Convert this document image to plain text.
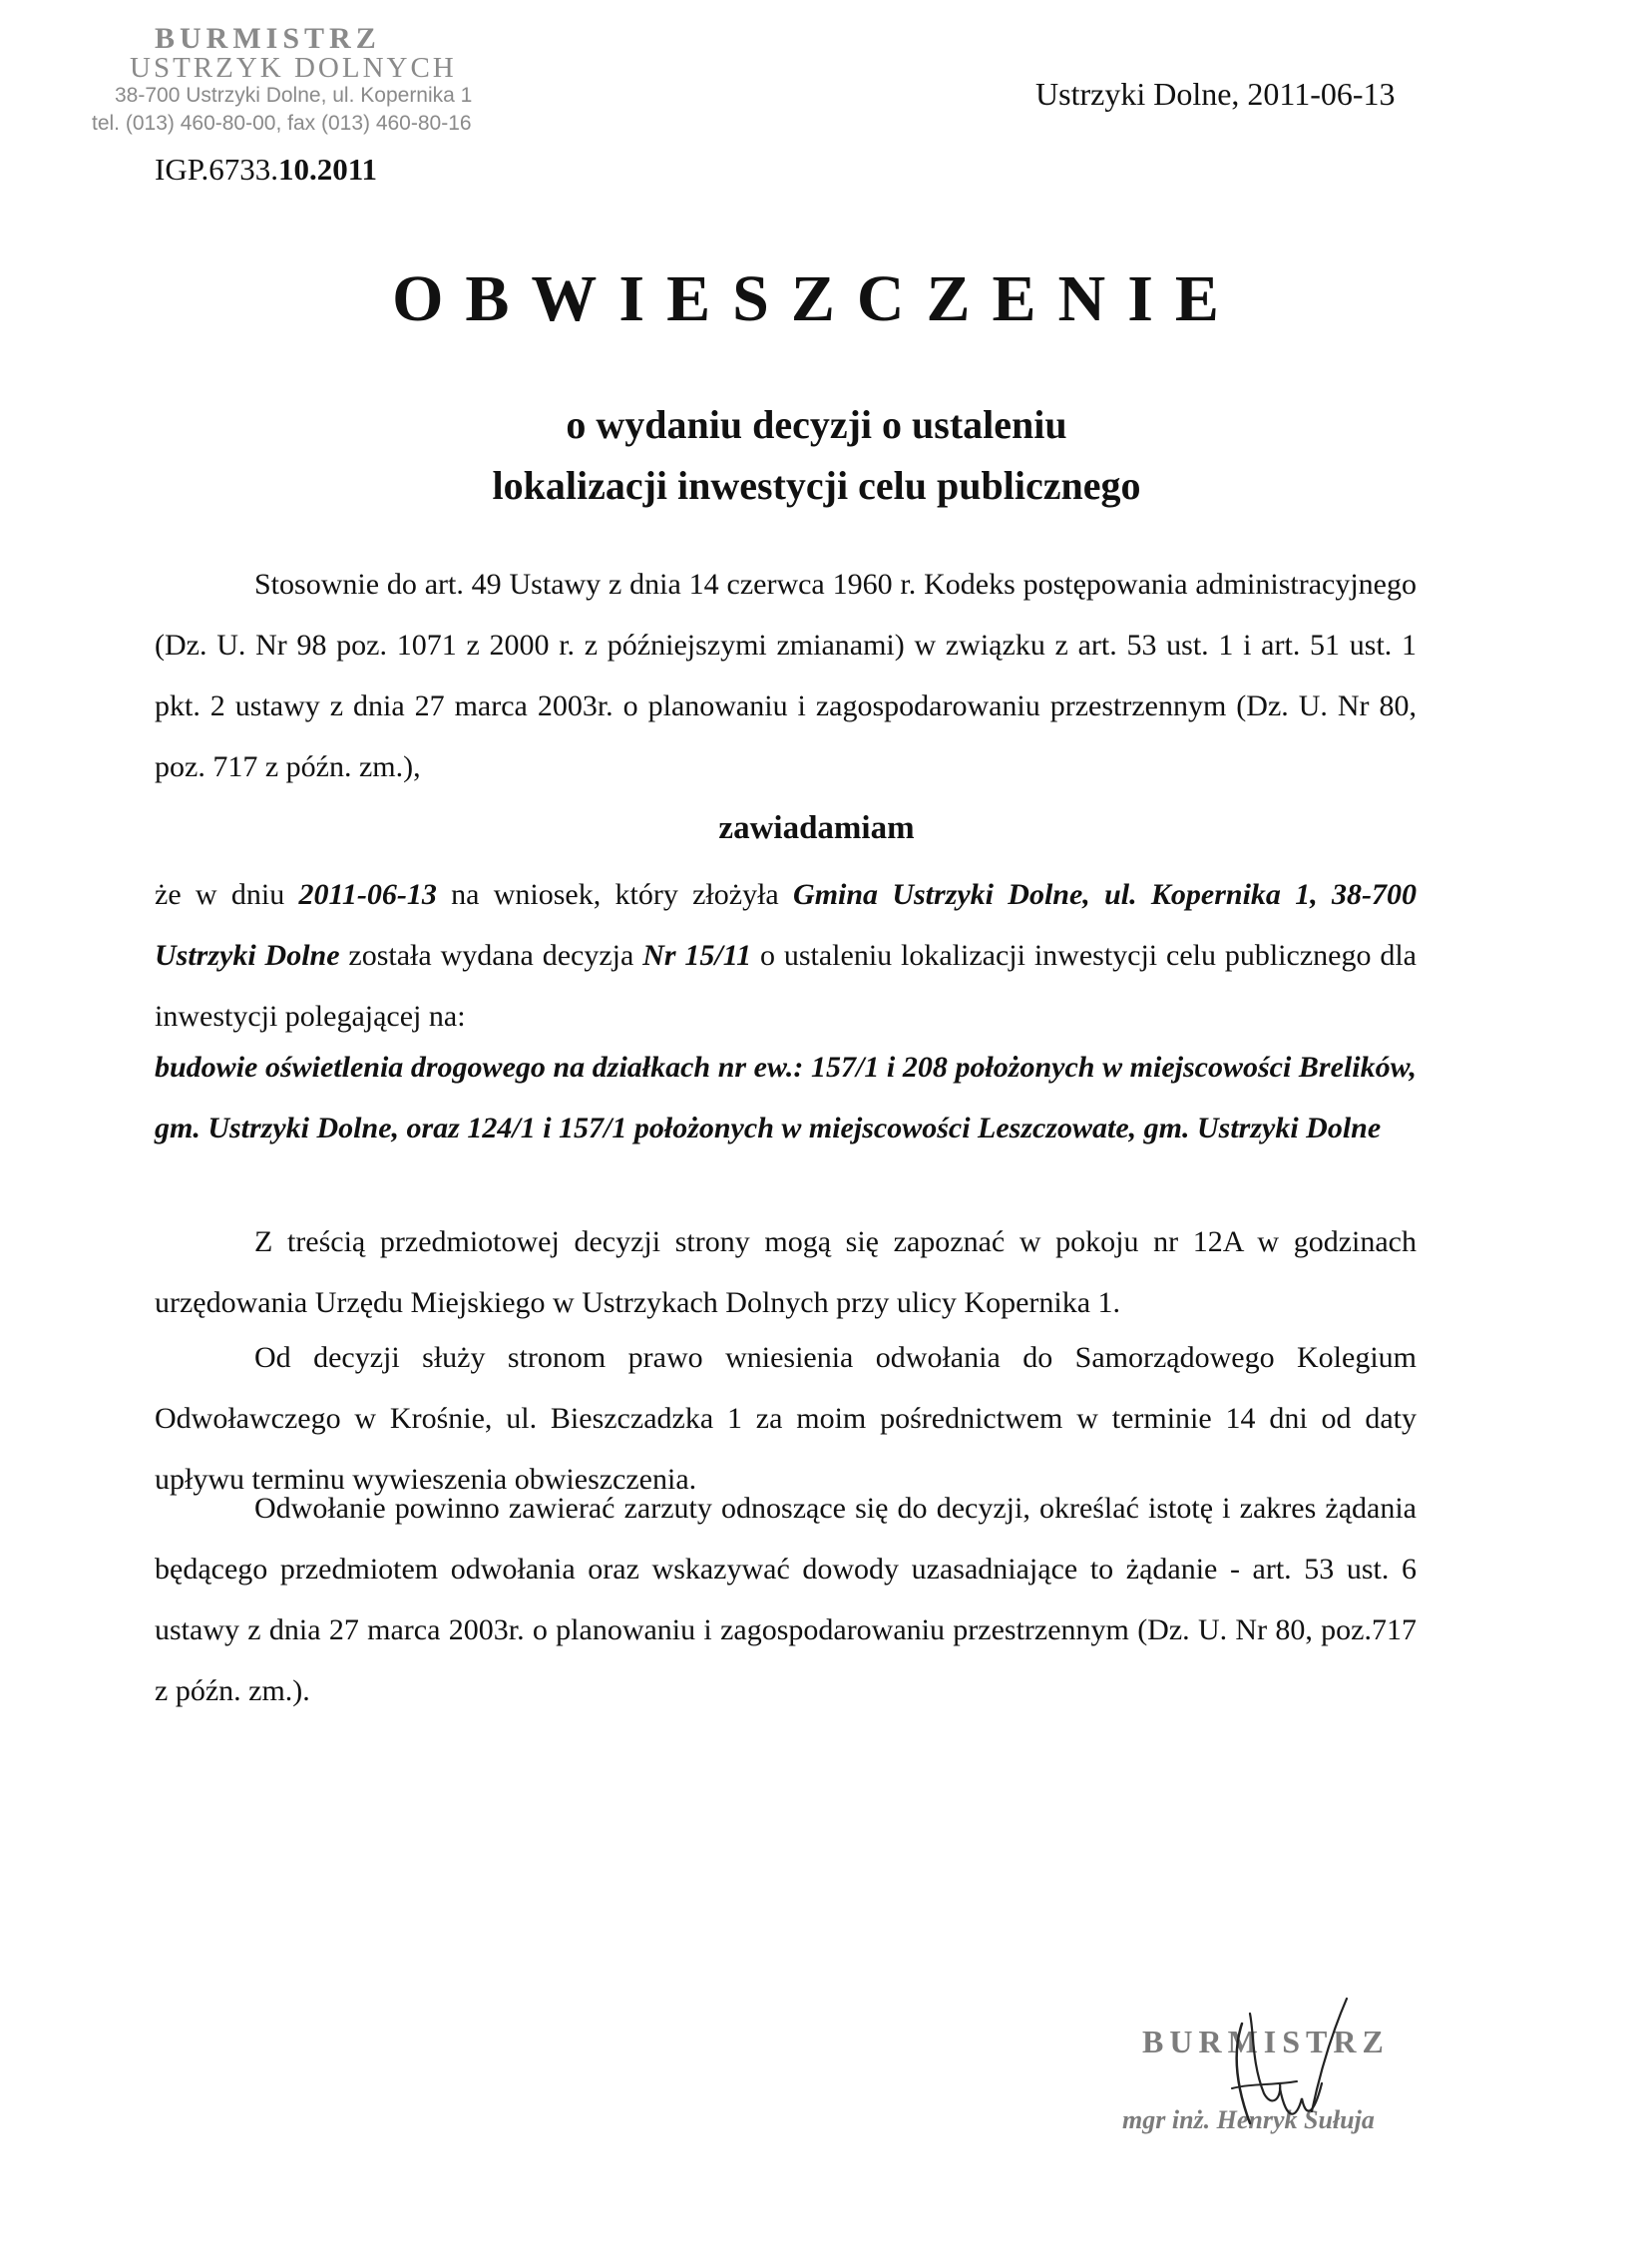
BURMISTRZ
USTRZYK DOLNYCH
38-700 Ustrzyki Dolne, ul. Kopernika 1
tel. (013) 460-80-00, fax (013) 460-80-16
Ustrzyki Dolne, 2011-06-13
IGP.6733.10.2011
OBWIESZCZENIE
o wydaniu decyzji o ustaleniu
lokalizacji inwestycji celu publicznego

Stosownie do art. 49 Ustawy z dnia 14 czerwca 1960 r. Kodeks postępowania administracyjnego (Dz. U. Nr 98 poz. 1071 z 2000 r. z późniejszymi zmianami) w związku z art. 53 ust. 1 i art. 51 ust. 1 pkt. 2 ustawy z dnia 27 marca 2003r. o planowaniu i zagospodarowaniu przestrzennym (Dz. U. Nr 80, poz. 717 z późn. zm.),

zawiadamiam

że w dniu 2011-06-13 na wniosek, który złożyła Gmina Ustrzyki Dolne, ul. Kopernika 1, 38-700 Ustrzyki Dolne została wydana decyzja Nr 15/11 o ustaleniu lokalizacji inwestycji celu publicznego dla inwestycji polegającej na:

budowie oświetlenia drogowego na działkach nr ew.: 157/1 i 208 położonych w miejscowości Brelików, gm. Ustrzyki Dolne, oraz 124/1 i 157/1 położonych w miejscowości Leszczowate, gm. Ustrzyki Dolne

Z treścią przedmiotowej decyzji strony mogą się zapoznać w pokoju nr 12A w godzinach urzędowania Urzędu Miejskiego w Ustrzykach Dolnych przy ulicy Kopernika 1.

Od decyzji służy stronom prawo wniesienia odwołania do Samorządowego Kolegium Odwoławczego w Krośnie, ul. Bieszczadzka 1 za moim pośrednictwem w terminie 14 dni od daty upływu terminu wywieszenia obwieszczenia.

Odwołanie powinno zawierać zarzuty odnoszące się do decyzji, określać istotę i zakres żądania będącego przedmiotem odwołania oraz wskazywać dowody uzasadniające to żądanie - art. 53 ust. 6 ustawy z dnia 27 marca 2003r. o planowaniu i zagospodarowaniu przestrzennym (Dz. U. Nr 80, poz.717 z późn. zm.).

BURMISTRZ
mgr inż. Henryk Sułuja
